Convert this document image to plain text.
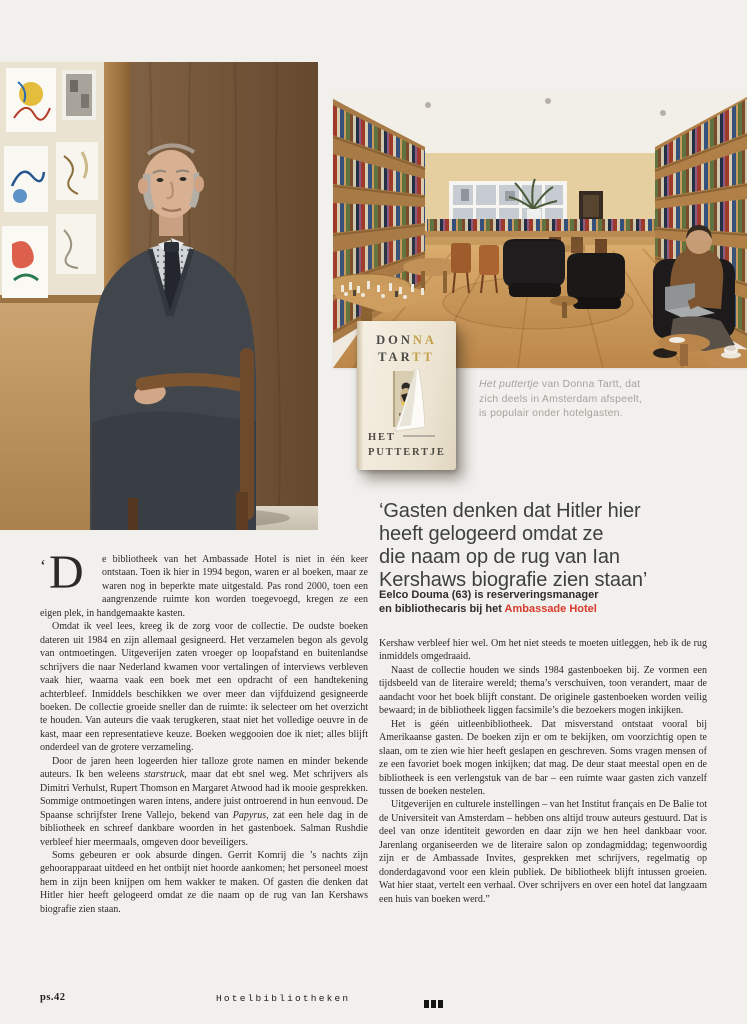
DONNA
TARTT
HET
PUTTERTJE
Het puttertje van Donna Tartt, dat zich deels in Amsterdam afspeelt, is populair onder hotelgasten.
‘Gasten denken dat Hitler hier
heeft gelogeerd omdat ze
die naam op de rug van Ian
Kershaws biografie zien staan’
Eelco Douma (63) is reserveringsmanager
en bibliothecaris bij het Ambassade Hotel

‘D	e bibliotheek van het Ambassade Hotel is niet in één keer ontstaan. Toen ik hier in 1994 begon, waren er al boeken, maar ze waren nog in beperkte mate uitgestald. Pas rond 2000, toen een aangrenzende ruimte kon worden toegevoegd, kregen ze een eigen plek, in handgemaakte kasten.

Omdat ik veel lees, kreeg ik de zorg voor de collectie. De oudste boeken dateren uit 1984 en zijn allemaal gesigneerd. Het verzamelen begon als gevolg van ontmoetingen. Uitgeverijen zaten vroeger op loopafstand en buitenlandse schrijvers die naar Nederland kwamen voor vertalingen of interviews verbleven vaak hier, waarna vaak een boek met een opdracht of een handtekening achterbleef. Inmiddels beschikken we over meer dan vijfduizend gesigneerde boeken. De collectie groeide sneller dan de ruimte: ik selecteer om het overzicht te houden. Van auteurs die vaak terugkeren, staat niet het volledige oeuvre in de kast, maar een representatieve keuze. Boeken weggooien doe ik niet; alles blijft onderdeel van de grotere verzameling.

Door de jaren heen logeerden hier talloze grote namen en minder bekende auteurs. Ik ben weleens starstruck, maar dat ebt snel weg. Met schrijvers als Dimitri Verhulst, Rupert Thomson en Margaret Atwood had ik mooie gesprekken. Sommige ontmoetingen waren intens, andere juist ontroerend in hun eenvoud. De Spaanse schrijfster Irene Vallejo, bekend van Papyrus, zat een hele dag in de bibliotheek en schreef dankbare woorden in het gastenboek. Salman Rushdie verbleef hier meermaals, omgeven door beveiligers.

Soms gebeuren er ook absurde dingen. Gerrit Komrij die ’s nachts zijn gehoorapparaat uitdeed en het ontbijt niet hoorde aankomen; het personeel moest hem in zijn been knijpen om hem wakker te maken. Of gasten die denken dat Hitler hier heeft gelogeerd omdat ze die naam op de rug van Ian Kershaws biografie zien staan.

Kershaw verbleef hier wel. Om het niet steeds te moeten uitleggen, heb ik de rug inmiddels omgedraaid.

Naast de collectie houden we sinds 1984 gastenboeken bij. Ze vormen een tijdsbeeld van de literaire wereld; thema’s verschuiven, toon verandert, maar de aandacht voor het boek blijft constant. De originele gastenboeken worden veilig bewaard; in de bibliotheek liggen facsimile’s die bezoekers mogen inkijken.

Het is géén uitleenbibliotheek. Dat misverstand ontstaat vooral bij Amerikaanse gasten. De boeken zijn er om te bekijken, om voorzichtig open te slaan, om te zien wie hier heeft geslapen en geschreven. Soms vragen mensen of ze een favoriet boek mogen inkijken; dat mag. De deur staat meestal open en de bibliotheek is een verlengstuk van de bar – een ruimte waar gasten zich vanzelf tussen de boeken nestelen.

Uitgeverijen en culturele instellingen – van het Institut français en De Balie tot de Universiteit van Amsterdam – hebben ons altijd trouw auteurs gestuurd. Dat is deel van onze identiteit geworden en daar zijn we hen heel dankbaar voor. Jarenlang organiseerden we de literaire salon op zondagmiddag; tegenwoordig zijn er de Ambassade Invites, gesprekken met schrijvers, regelmatig op donderdagavond voor een klein publiek. De bibliotheek blijft intussen groeien. Wat hier staat, vertelt een verhaal. Over schrijvers en over een hotel dat langzaam een huis van boeken werd.”

ps.42	Hotelbibliotheken
